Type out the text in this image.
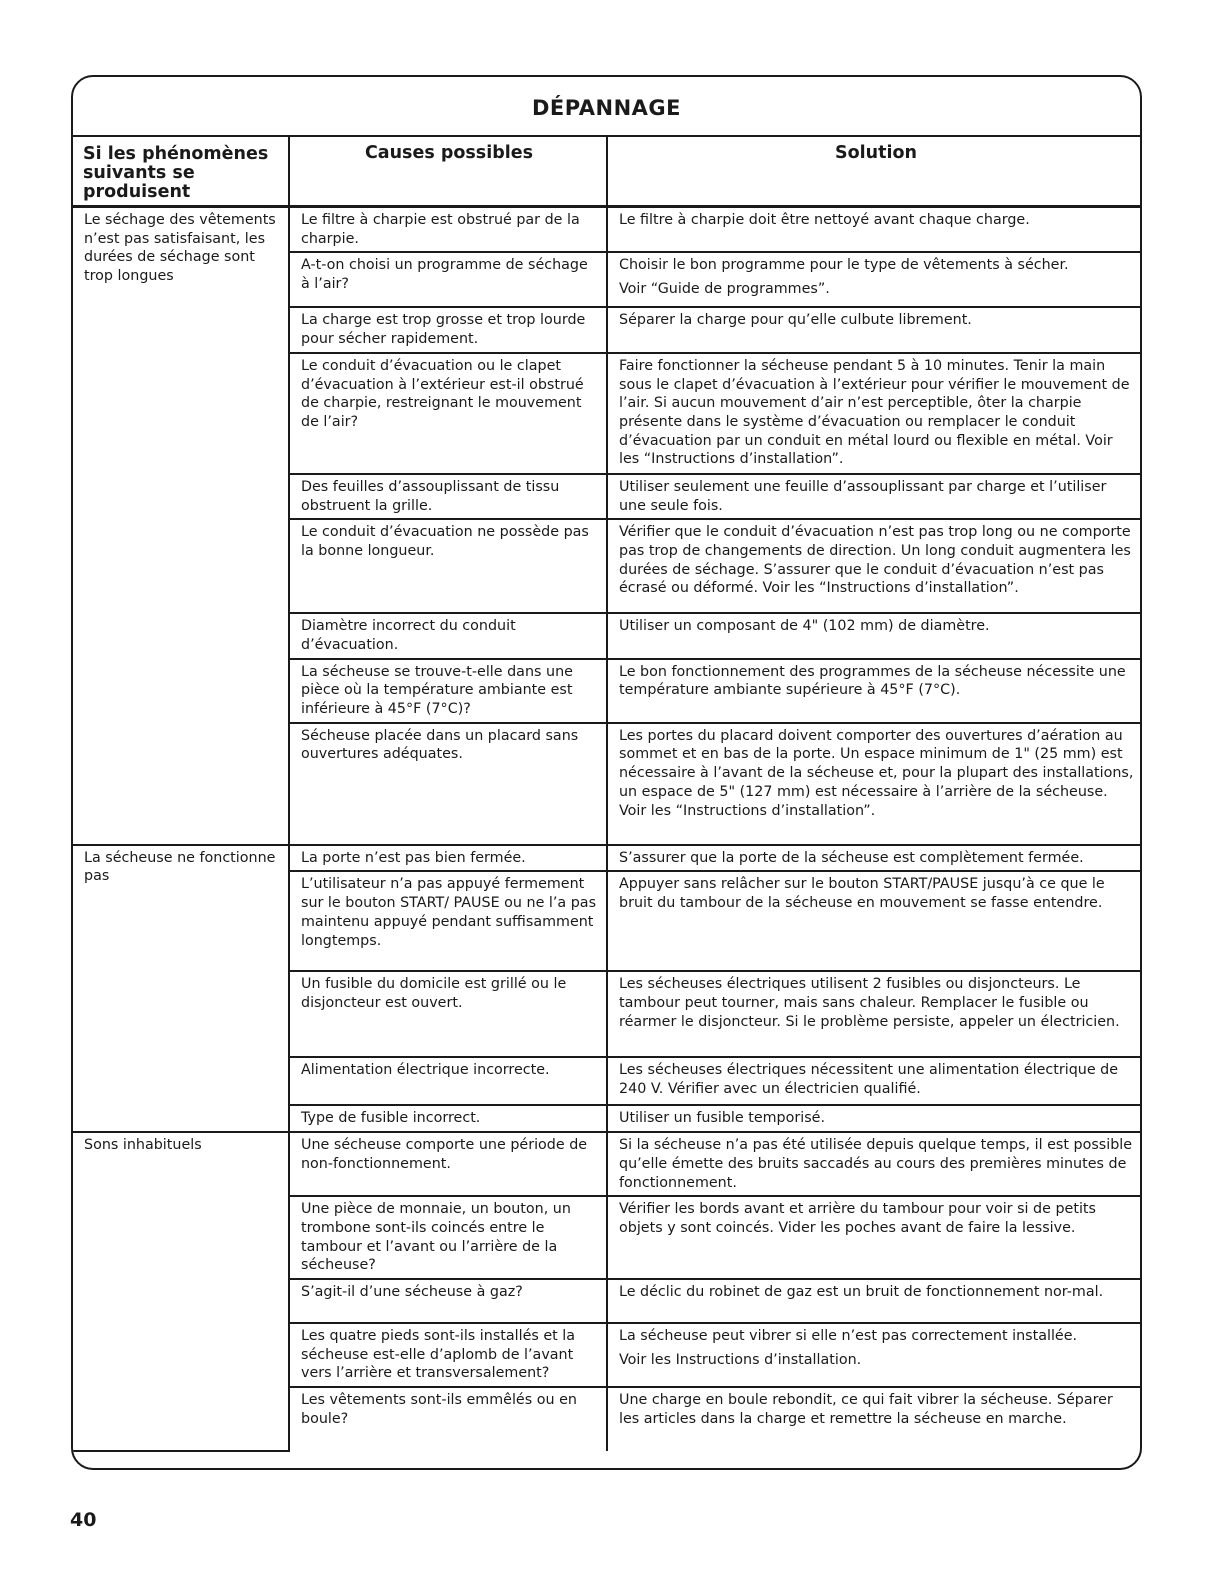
DÉPANNAGE
Si les phénomènes suivants se produisent	Causes possibles	Solution
Le séchage des vêtements n’est pas satisfaisant, les durées de séchage sont trop longues	Le filtre à charpie est obstrué par de la charpie.	Le filtre à charpie doit être nettoyé avant chaque charge.
	A-t-on choisi un programme de séchage à l’air?	Choisir le bon programme pour le type de vêtements à sécher.
Voir “Guide de programmes”.

	La charge est trop grosse et trop lourde pour sécher rapidement.	Séparer la charge pour qu’elle culbute librement.
	Le conduit d’évacuation ou le clapet d’évacuation à l’extérieur est-il obstrué de charpie, restreignant le mouvement de l’air?	Faire fonctionner la sécheuse pendant 5 à 10 minutes. Tenir la main sous le clapet d’évacuation à l’extérieur pour vérifier le mouvement de l’air. Si aucun mouvement d’air n’est perceptible, ôter la charpie présente dans le système d’évacuation ou remplacer le conduit d’évacuation par un conduit en métal lourd ou flexible en métal. Voir les “Instructions d’installation”.
	Des feuilles d’assouplissant de tissu obstruent la grille.	Utiliser seulement une feuille d’assouplissant par charge et l’utiliser une seule fois.
	Le conduit d’évacuation ne possède pas la bonne longueur.	Vérifier que le conduit d’évacuation n’est pas trop long ou ne comporte pas trop de changements de direction. Un long conduit augmentera les durées de séchage. S’assurer que le conduit d’évacuation n’est pas écrasé ou déformé. Voir les “Instructions d’installation”.
	Diamètre incorrect du conduit d’évacuation.	Utiliser un composant de 4" (102 mm) de diamètre.
	La sécheuse se trouve-t-elle dans une pièce où la température ambiante est inférieure à 45°F (7°C)?	Le bon fonctionnement des programmes de la sécheuse nécessite une température ambiante supérieure à 45°F (7°C).
	Sécheuse placée dans un placard sans ouvertures adéquates.	Les portes du placard doivent comporter des ouvertures d’aération au sommet et en bas de la porte. Un espace minimum de 1" (25 mm) est nécessaire à l’avant de la sécheuse et, pour la plupart des installations, un espace de 5" (127 mm) est nécessaire à l’arrière de la sécheuse. Voir les “Instructions d’installation”.
La sécheuse ne fonctionne pas	La porte n’est pas bien fermée.	S’assurer que la porte de la sécheuse est complètement fermée.
	L’utilisateur n’a pas appuyé fermement sur le bouton START/ PAUSE ou ne l’a pas maintenu appuyé pendant suffisamment longtemps.	Appuyer sans relâcher sur le bouton START/PAUSE jusqu’à ce que le bruit du tambour de la sécheuse en mouvement se fasse entendre.
	Un fusible du domicile est grillé ou le disjoncteur est ouvert.	Les sécheuses électriques utilisent 2 fusibles ou disjoncteurs. Le tambour peut tourner, mais sans chaleur. Remplacer le fusible ou réarmer le disjoncteur. Si le problème persiste, appeler un électricien.
	Alimentation électrique incorrecte.	Les sécheuses électriques nécessitent une alimentation électrique de 240 V. Vérifier avec un électricien qualifié.
	Type de fusible incorrect.	Utiliser un fusible temporisé.
Sons inhabituels	Une sécheuse comporte une période de non-fonctionnement.	Si la sécheuse n’a pas été utilisée depuis quelque temps, il est possible qu’elle émette des bruits saccadés au cours des premières minutes de fonctionnement.
	Une pièce de monnaie, un bouton, un trombone sont-ils coincés entre le tambour et l’avant ou l’arrière de la sécheuse?	Vérifier les bords avant et arrière du tambour pour voir si de petits objets y sont coincés. Vider les poches avant de faire la lessive.
	S’agit-il d’une sécheuse à gaz?	Le déclic du robinet de gaz est un bruit de fonctionnement nor-mal.
	Les quatre pieds sont-ils installés et la sécheuse est-elle d’aplomb de l’avant vers l’arrière et transversalement?	La sécheuse peut vibrer si elle n’est pas correctement installée.
Voir les Instructions d’installation.

	Les vêtements sont-ils emmêlés ou en boule?	Une charge en boule rebondit, ce qui fait vibrer la sécheuse. Séparer les articles dans la charge et remettre la sécheuse en marche.
40
